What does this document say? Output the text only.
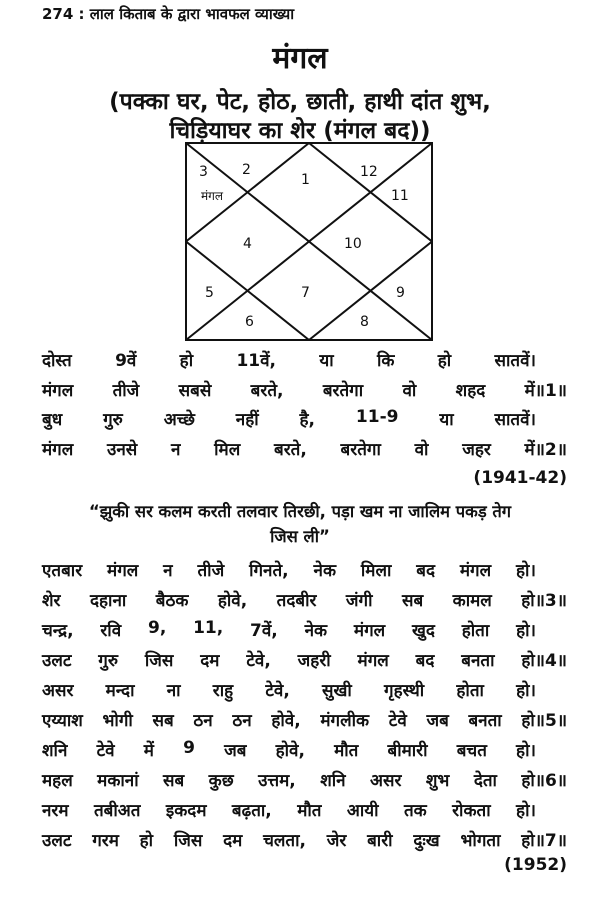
274 : लाल किताब के द्वारा भावफल व्याख्या
मंगल
(पक्का घर, पेट, होठ, छाती, हाथी दांत शुभ,
चिड़ियाघर का शेर (मंगल बद))
3
मंगल
2
1	12
11
4	10
5	7	9
6	8
दोस्त	9वें	हो	11वें,	या	कि	हो	सातवें।
मंगल तीजे सबसे बरते, बरतेगा वो शहद में॥1॥
बुध गुरु अच्छे नहीं है, 11-9 या सातवें।
मंगल उनसे न मिल बरते, बरतेगा वो जहर में॥2॥
(1941-42)
“झुकी सर कलम करती तलवार तिरछी, पड़ा खम ना जालिम पकड़ तेग
जिस ली”
एतबार मंगल न तीजे गिनते, नेक मिला बद मंगल हो।
शेर दहाना बैठक होवे, तदबीर जंगी सब कामल हो॥3॥
चन्द्र, रवि 9, 11, 7वें, नेक मंगल खुद होता हो।
उलट गुरु जिस दम टेवे, जहरी मंगल बद बनता हो॥4॥
असर मन्दा ना राहु टेवे, सुखी गृहस्थी होता हो।
एय्याश भोगी सब ठन ठन होवे, मंगलीक टेवे जब बनता हो॥5॥
शनि टेवे में 9 जब होवे, मौत बीमारी बचत हो।
महल मकानां सब कुछ उत्तम, शनि असर शुभ देता हो॥6॥
नरम तबीअत इकदम बढ़ता, मौत आयी तक रोकता हो।
उलट गरम हो जिस दम चलता, जेर बारी दुःख भोगता हो॥7॥
(1952)
